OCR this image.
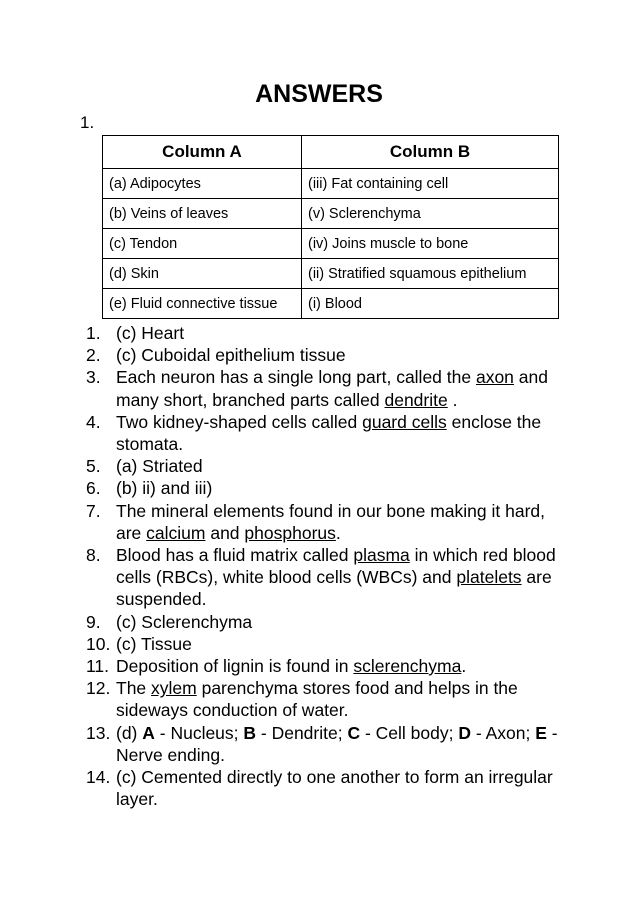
ANSWERS
1.
Column A	Column B
(a) Adipocytes	(iii) Fat containing cell
(b) Veins of leaves	(v) Sclerenchyma
(c) Tendon	(iv) Joins muscle to bone
(d) Skin	(ii) Stratified squamous epithelium
(e) Fluid connective tissue	(i) Blood
1. (c) Heart
2. (c) Cuboidal epithelium tissue
3. Each neuron has a single long part, called the axon and many short, branched parts called dendrite .
4. Two kidney-shaped cells called guard cells enclose the stomata.
5. (a) Striated
6. (b) ii) and iii)
7. The mineral elements found in our bone making it hard, are calcium and phosphorus.
8. Blood has a fluid matrix called plasma in which red blood cells (RBCs), white blood cells (WBCs) and platelets are suspended.
9. (c) Sclerenchyma
10. (c) Tissue
11. Deposition of lignin is found in sclerenchyma.
12. The xylem parenchyma stores food and helps in the sideways conduction of water.
13. (d) A - Nucleus; B - Dendrite; C - Cell body; D - Axon; E - Nerve ending.
14. (c) Cemented directly to one another to form an irregular layer.
